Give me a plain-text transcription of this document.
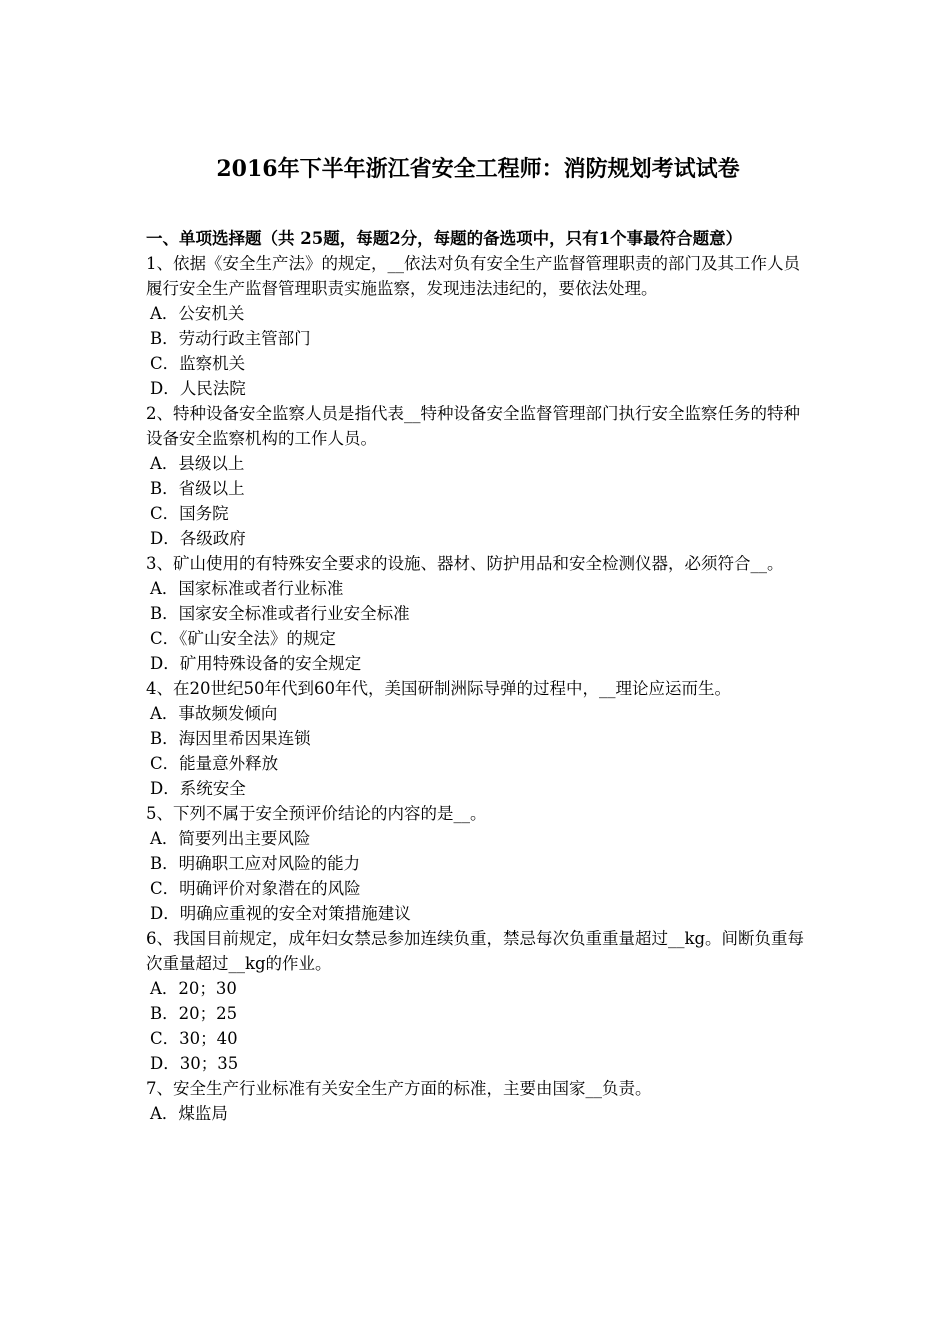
2016年下半年浙江省安全工程师：消防规划考试试卷

一、单项选择题（共 25题，每题2分，每题的备选项中，只有1个事最符合题意）

1、依据《安全生产法》的规定，__依法对负有安全生产监督管理职责的部门及其工作人员履行安全生产监督管理职责实施监察，发现违法违纪的，要依法处理。

A．公安机关
B．劳动行政主管部门
C．监察机关
D．人民法院

2、特种设备安全监察人员是指代表__特种设备安全监督管理部门执行安全监察任务的特种设备安全监察机构的工作人员。

A．县级以上
B．省级以上
C．国务院
D．各级政府

3、矿山使用的有特殊安全要求的设施、器材、防护用品和安全检测仪器，必须符合__。

A．国家标准或者行业标准
B．国家安全标准或者行业安全标准
C．《矿山安全法》的规定
D．矿用特殊设备的安全规定

4、在20世纪50年代到60年代，美国研制洲际导弹的过程中，__理论应运而生。

A．事故频发倾向
B．海因里希因果连锁
C．能量意外释放
D．系统安全

5、下列不属于安全预评价结论的内容的是__。

A．简要列出主要风险
B．明确职工应对风险的能力
C．明确评价对象潜在的风险
D．明确应重视的安全对策措施建议

6、我国目前规定，成年妇女禁忌参加连续负重，禁忌每次负重重量超过__kg。间断负重每次重量超过__kg的作业。

A．20；30
B．20；25
C．30；40
D．30；35

7、安全生产行业标准有关安全生产方面的标准，主要由国家__负责。

A．煤监局
